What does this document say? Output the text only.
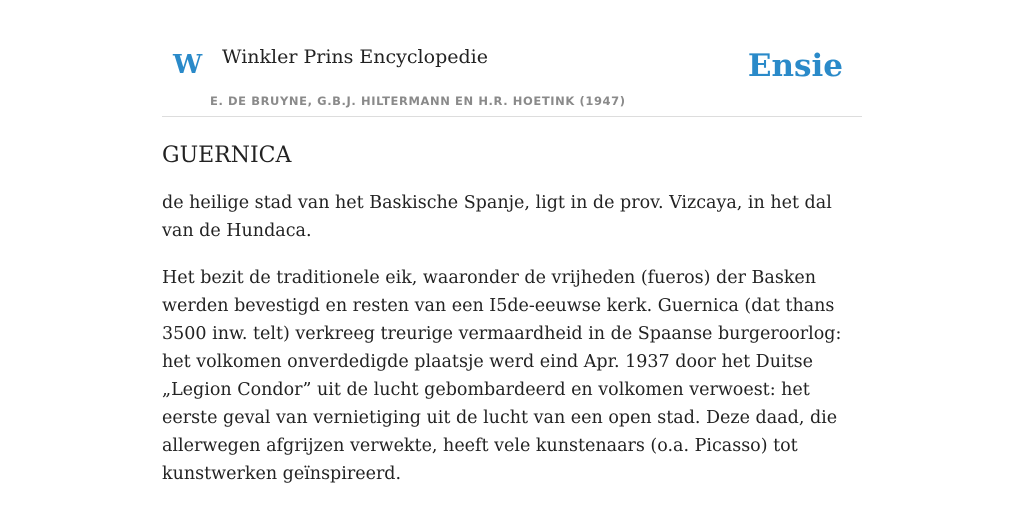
W Winkler Prins Encyclopedie
E. DE BRUYNE, G.B.J. HILTERMANN EN H.R. HOETINK (1947)
Ensie
GUERNICA

de heilige stad van het Baskische Spanje, ligt in de prov. Vizcaya, in het dal van de Hundaca.

Het bezit de traditionele eik, waaronder de vrijheden (fueros) der Basken werden bevestigd en resten van een I5de-eeuwse kerk. Guernica (dat thans 3500 inw. telt) verkreeg treurige vermaardheid in de Spaanse burgeroorlog: het volkomen onverdedigde plaatsje werd eind Apr. 1937 door het Duitse „Legion Condor” uit de lucht gebombardeerd en volkomen verwoest: het eerste geval van vernietiging uit de lucht van een open stad. Deze daad, die allerwegen afgrijzen verwekte, heeft vele kunstenaars (o.a. Picasso) tot kunstwerken geïnspireerd.
